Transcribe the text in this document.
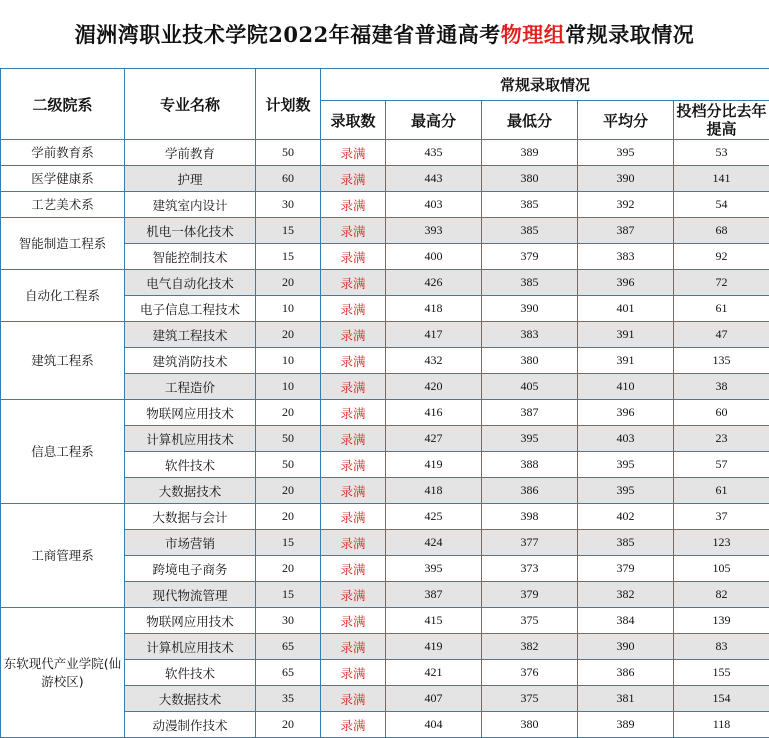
湄洲湾职业技术学院2022年福建省普通高考 物理组 常规录取情况
二级院系	专业名称	计划数	常规录取情况				
			录取数	最高分	最低分	平均分	投档分比去年提高
学前教育系	学前教育	50	录满	435	389	395	53
医学健康系	护理	60	录满	443	380	390	141
工艺美术系	建筑室内设计	30	录满	403	385	392	54
智能制造工程系	机电一体化技术	15	录满	393	385	387	68
	智能控制技术	15	录满	400	379	383	92
自动化工程系	电气自动化技术	20	录满	426	385	396	72
	电子信息工程技术	10	录满	418	390	401	61
建筑工程系	建筑工程技术	20	录满	417	383	391	47
	建筑消防技术	10	录满	432	380	391	135
	工程造价	10	录满	420	405	410	38
信息工程系	物联网应用技术	20	录满	416	387	396	60
	计算机应用技术	50	录满	427	395	403	23
	软件技术	50	录满	419	388	395	57
	大数据技术	20	录满	418	386	395	61
工商管理系	大数据与会计	20	录满	425	398	402	37
	市场营销	15	录满	424	377	385	123
	跨境电子商务	20	录满	395	373	379	105
	现代物流管理	15	录满	387	379	382	82
东软现代产业学院(仙游校区)	物联网应用技术	30	录满	415	375	384	139
	计算机应用技术	65	录满	419	382	390	83
	软件技术	65	录满	421	376	386	155
	大数据技术	35	录满	407	375	381	154
	动漫制作技术	20	录满	404	380	389	118
